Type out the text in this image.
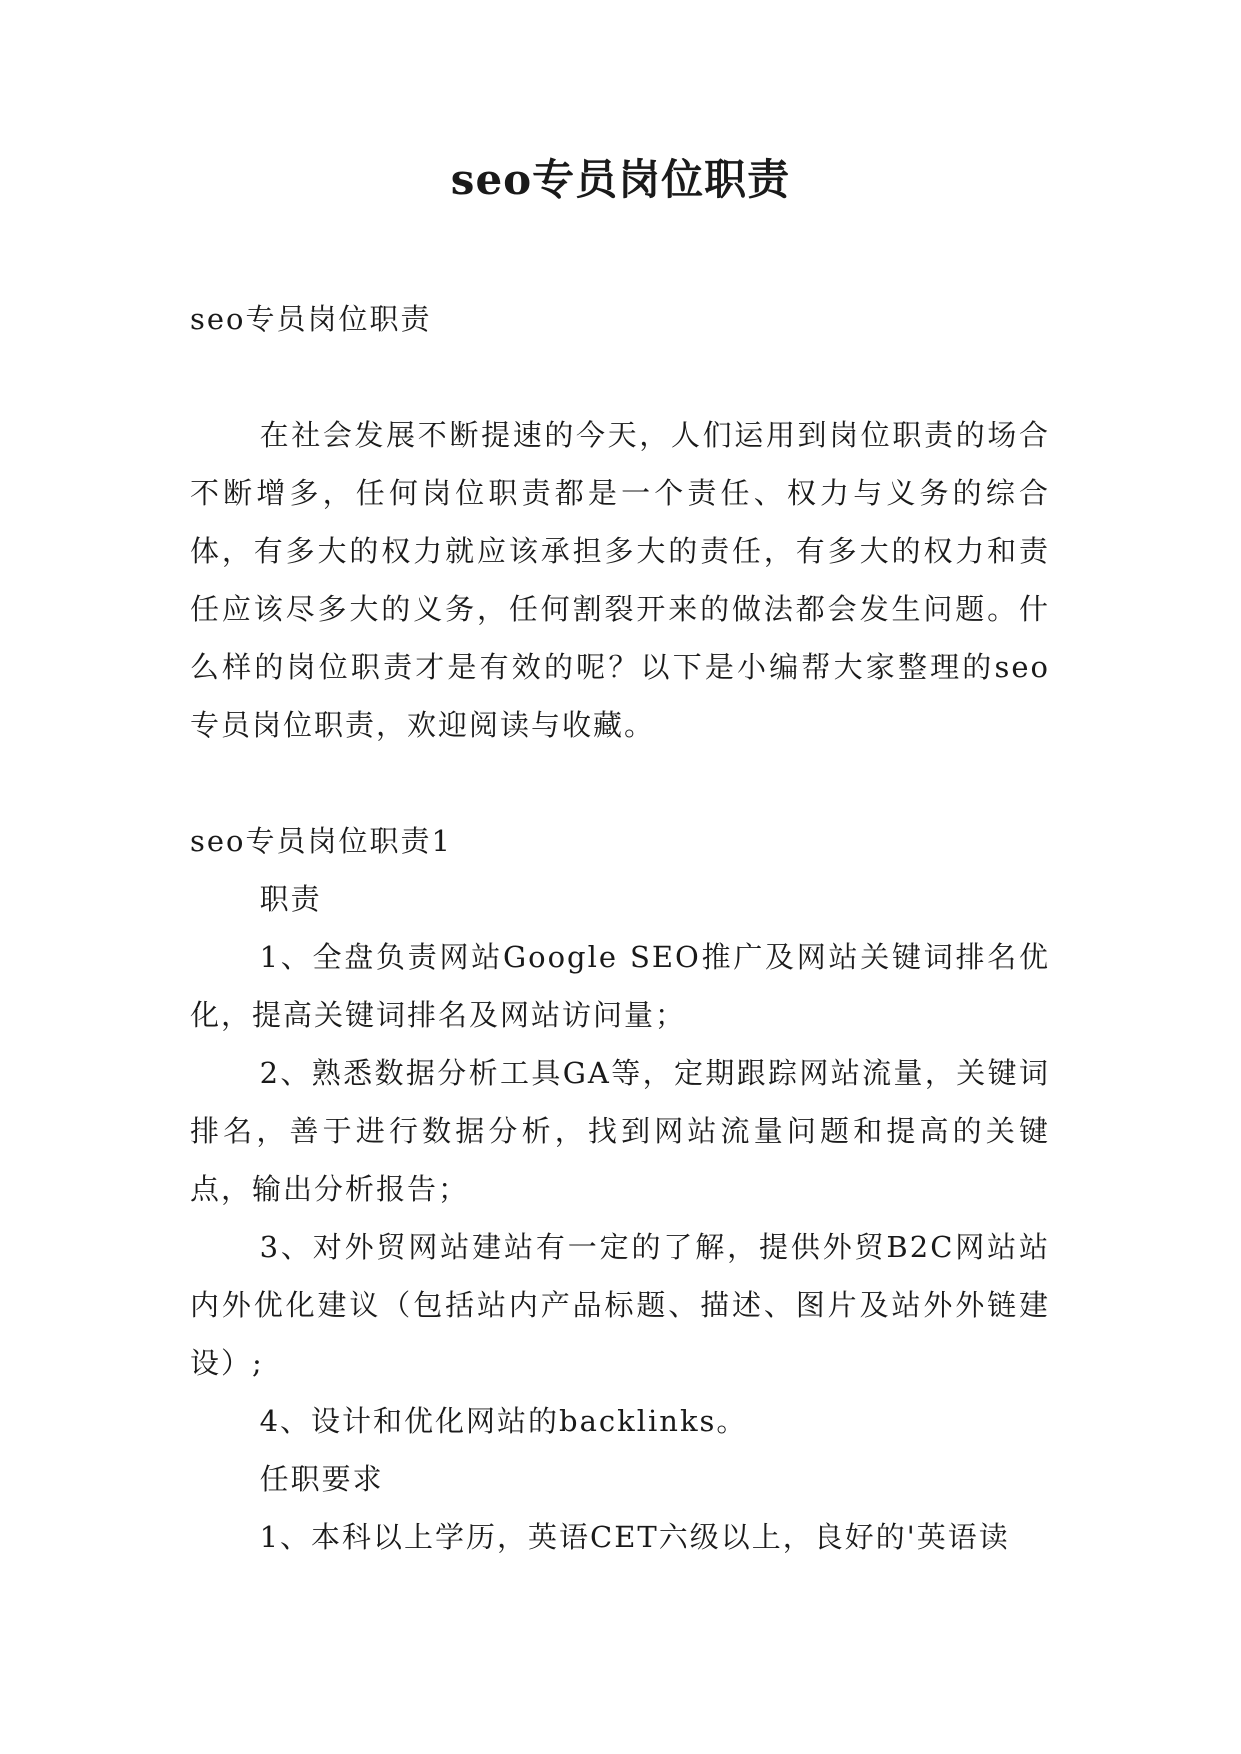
seo专员岗位职责

seo专员岗位职责

在社会发展不断提速的今天，人们运用到岗位职责的场合不断增多，任何岗位职责都是一个责任、权力与义务的综合体，有多大的权力就应该承担多大的责任，有多大的权力和责任应该尽多大的义务，任何割裂开来的做法都会发生问题。什么样的岗位职责才是有效的呢？以下是小编帮大家整理的seo专员岗位职责，欢迎阅读与收藏。

seo专员岗位职责1

职责

1、全盘负责网站Google SEO推广及网站关键词排名优化，提高关键词排名及网站访问量；

2、熟悉数据分析工具GA等，定期跟踪网站流量，关键词排名，善于进行数据分析，找到网站流量问题和提高的关键点，输出分析报告；

3、对外贸网站建站有一定的了解，提供外贸B2C网站站内外优化建议（包括站内产品标题、描述、图片及站外外链建设）;

4、设计和优化网站的backlinks。

任职要求

1、本科以上学历，英语CET六级以上，良好的'英语读
